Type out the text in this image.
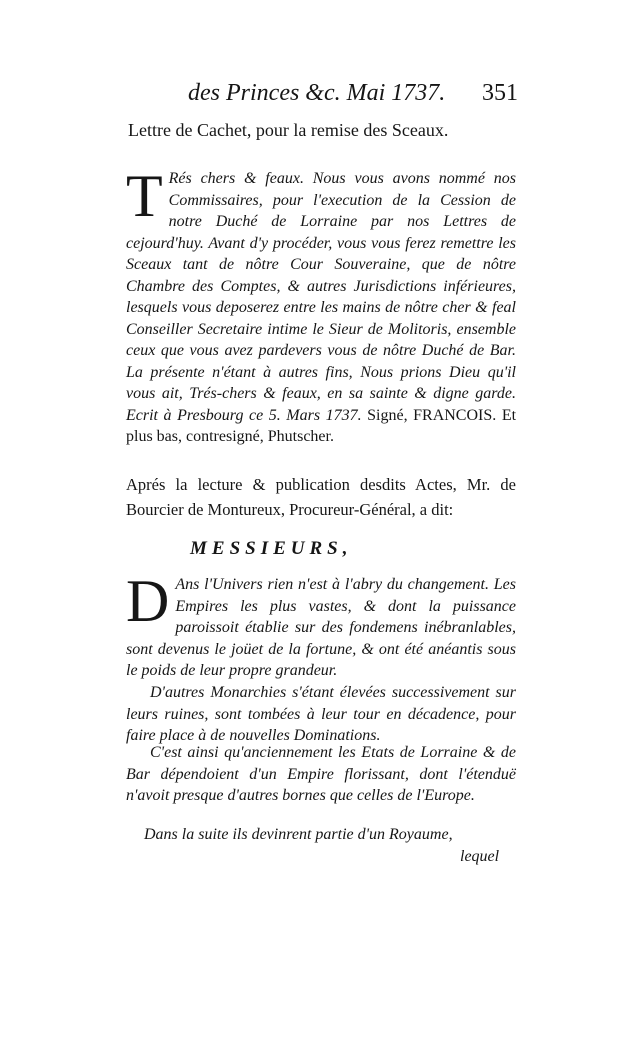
des Princes &c. Mai 1737. 351
Lettre de Cachet, pour la remise des Sceaux.
T Rés chers & feaux. Nous vous avons nommé nos Commissaires, pour l'execution de la Cession de notre Duché de Lorraine par nos Lettres de cejourd'huy. Avant d'y procéder, vous vous ferez remettre les Sceaux tant de nôtre Cour Souveraine, que de nôtre Chambre des Comptes, & autres Jurisdictions inférieures, lesquels vous deposerez entre les mains de nôtre cher & feal Conseiller Secretaire intime le Sieur de Molitoris, ensemble ceux que vous avez pardevers vous de nôtre Duché de Bar. La présente n'étant à autres fins, Nous prions Dieu qu'il vous ait, Trés-chers & feaux, en sa sainte & digne garde. Ecrit à Presbourg ce 5. Mars 1737. Signé, FRANCOIS. Et plus bas, contresigné, Phutscher.
Aprés la lecture & publication desdits Actes, Mr. de Bourcier de Montureux, Procureur-Général, a dit:
MESSIEURS,
D Ans l'Univers rien n'est à l'abry du changement. Les Empires les plus vastes, & dont la puissance paroissoit établie sur des fondemens inébranlables, sont devenus le joüet de la fortune, & ont été anéantis sous le poids de leur propre grandeur.
D'autres Monarchies s'étant élevées successivement sur leurs ruines, sont tombées à leur tour en décadence, pour faire place à de nouvelles Dominations.
C'est ainsi qu'anciennement les Etats de Lorraine & de Bar dépendoient d'un Empire florissant, dont l'étenduë n'avoit presque d'autres bornes que celles de l'Europe.
Dans la suite ils devinrent partie d'un Royaume,
lequel
